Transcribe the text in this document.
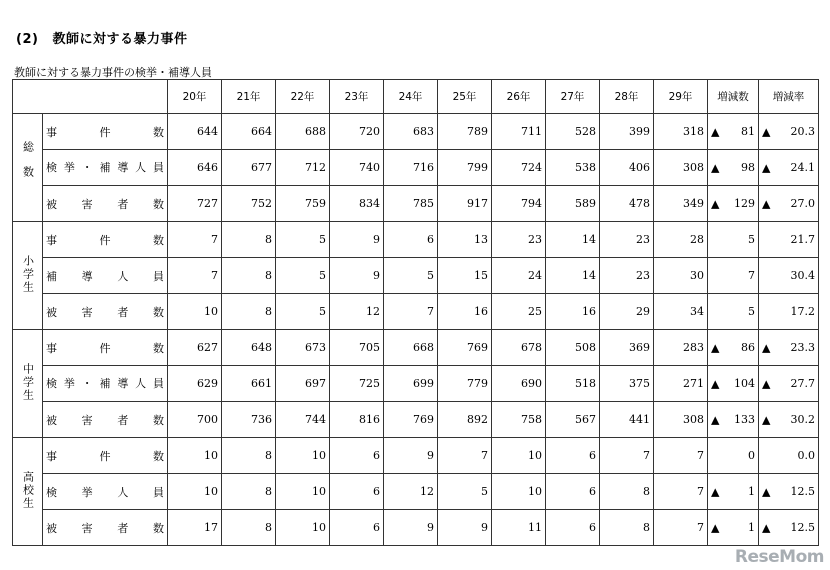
(2) 教師に対する暴力事件
教師に対する暴力事件の検挙・補導人員
		20年	21年	22年	23年	24年	25年	26年	27年	28年	29年	増減数	増減率
総数	事件数	644	664	688	720	683	789	711	528	399	318	▲ 81	▲ 20.3
	検挙・補導人員	646	677	712	740	716	799	724	538	406	308	▲ 98	▲ 24.1
	被害者数	727	752	759	834	785	917	794	589	478	349	▲ 129	▲ 27.0
小学生	事件数	7	8	5	9	6	13	23	14	23	28	5	21.7
	補導人員	7	8	5	9	5	15	24	14	23	30	7	30.4
	被害者数	10	8	5	12	7	16	25	16	29	34	5	17.2
中学生	事件数	627	648	673	705	668	769	678	508	369	283	▲ 86	▲ 23.3
	検挙・補導人員	629	661	697	725	699	779	690	518	375	271	▲ 104	▲ 27.7
	被害者数	700	736	744	816	769	892	758	567	441	308	▲ 133	▲ 30.2
高校生	事件数	10	8	10	6	9	7	10	6	7	7	0	0.0
	検挙人員	10	8	10	6	12	5	10	6	8	7	▲ 1	▲ 12.5
	被害者数	17	8	10	6	9	9	11	6	8	7	▲ 1	▲ 12.5
ReseMom
